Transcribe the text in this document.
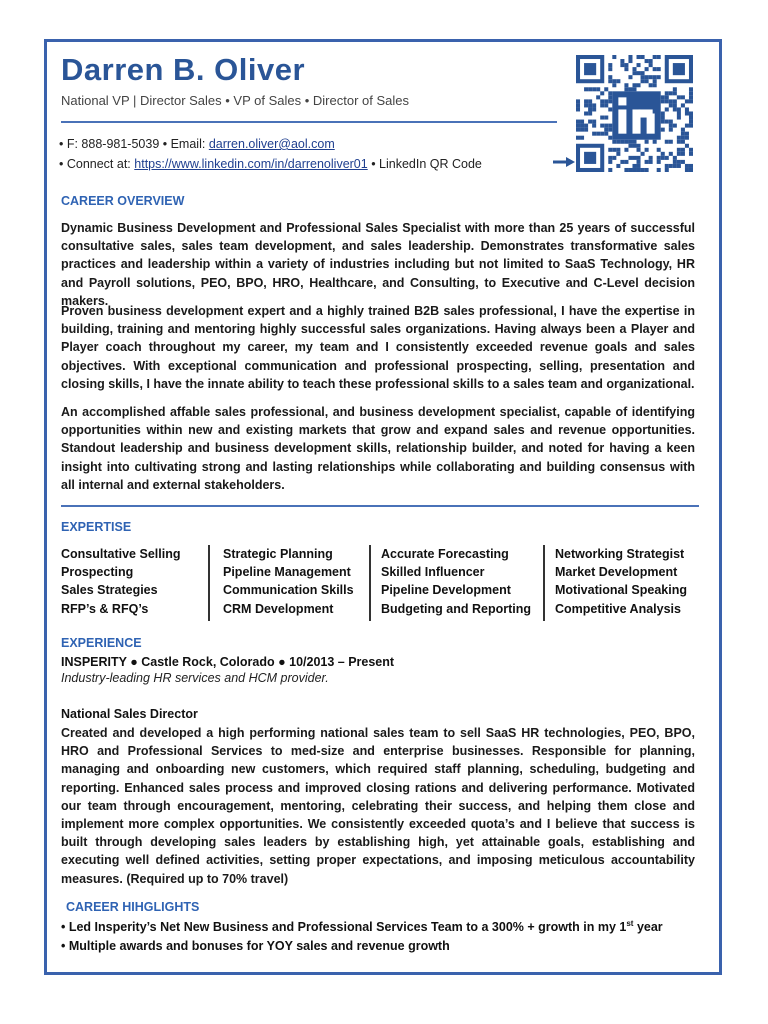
Darren B. Oliver
National VP | Director Sales • VP of Sales • Director of Sales
• F: 888-981-5039 • Email: darren.oliver@aol.com
• Connect at: https://www.linkedin.com/in/darrenoliver01 • LinkedIn QR Code
CAREER OVERVIEW

Dynamic Business Development and Professional Sales Specialist with more than 25 years of successful consultative sales, sales team development, and sales leadership. Demonstrates transformative sales practices and leadership within a variety of industries including but not limited to SaaS Technology, HR and Payroll solutions, PEO, BPO, HRO, Healthcare, and Consulting, to Executive and C-Level decision makers.

Proven business development expert and a highly trained B2B sales professional, I have the expertise in building, training and mentoring highly successful sales organizations. Having always been a Player and Player coach throughout my career, my team and I consistently exceeded revenue goals and sales objectives. With exceptional communication and professional prospecting, selling, presentation and closing skills, I have the innate ability to teach these professional skills to a sales team and organizational.

An accomplished affable sales professional, and business development specialist, capable of identifying opportunities within new and existing markets that grow and expand sales and revenue opportunities. Standout leadership and business development skills, relationship builder, and noted for having a keen insight into cultivating strong and lasting relationships while collaborating and building consensus with all internal and external stakeholders.

EXPERTISE
Consultative Selling
Prospecting
Sales Strategies
RFP’s & RFQ’s
Strategic Planning
Pipeline Management
Communication Skills
CRM Development
Accurate Forecasting
Skilled Influencer
Pipeline Development
Budgeting and Reporting
Networking Strategist
Market Development
Motivational Speaking
Competitive Analysis
EXPERIENCE
INSPERITY ● Castle Rock, Colorado ● 10/2013 – Present
Industry-leading HR services and HCM provider.
National Sales Director

Created and developed a high performing national sales team to sell SaaS HR technologies, PEO, BPO, HRO and Professional Services to med-size and enterprise businesses. Responsible for planning, managing and onboarding new customers, which required staff planning, scheduling, budgeting and reporting. Enhanced sales process and improved closing rations and delivering performance. Motivated our team through encouragement, mentoring, celebrating their success, and helping them close and implement more complex opportunities. We consistently exceeded quota’s and I believe that success is built through developing sales leaders by establishing high, yet attainable goals, establishing and executing well defined activities, setting proper expectations, and imposing meticulous accountability measures. (Required up to 70% travel)

CAREER HIHGLIGHTS
• Led Insperity’s Net New Business and Professional Services Team to a 300% + growth in my 1st year
• Multiple awards and bonuses for YOY sales and revenue growth
